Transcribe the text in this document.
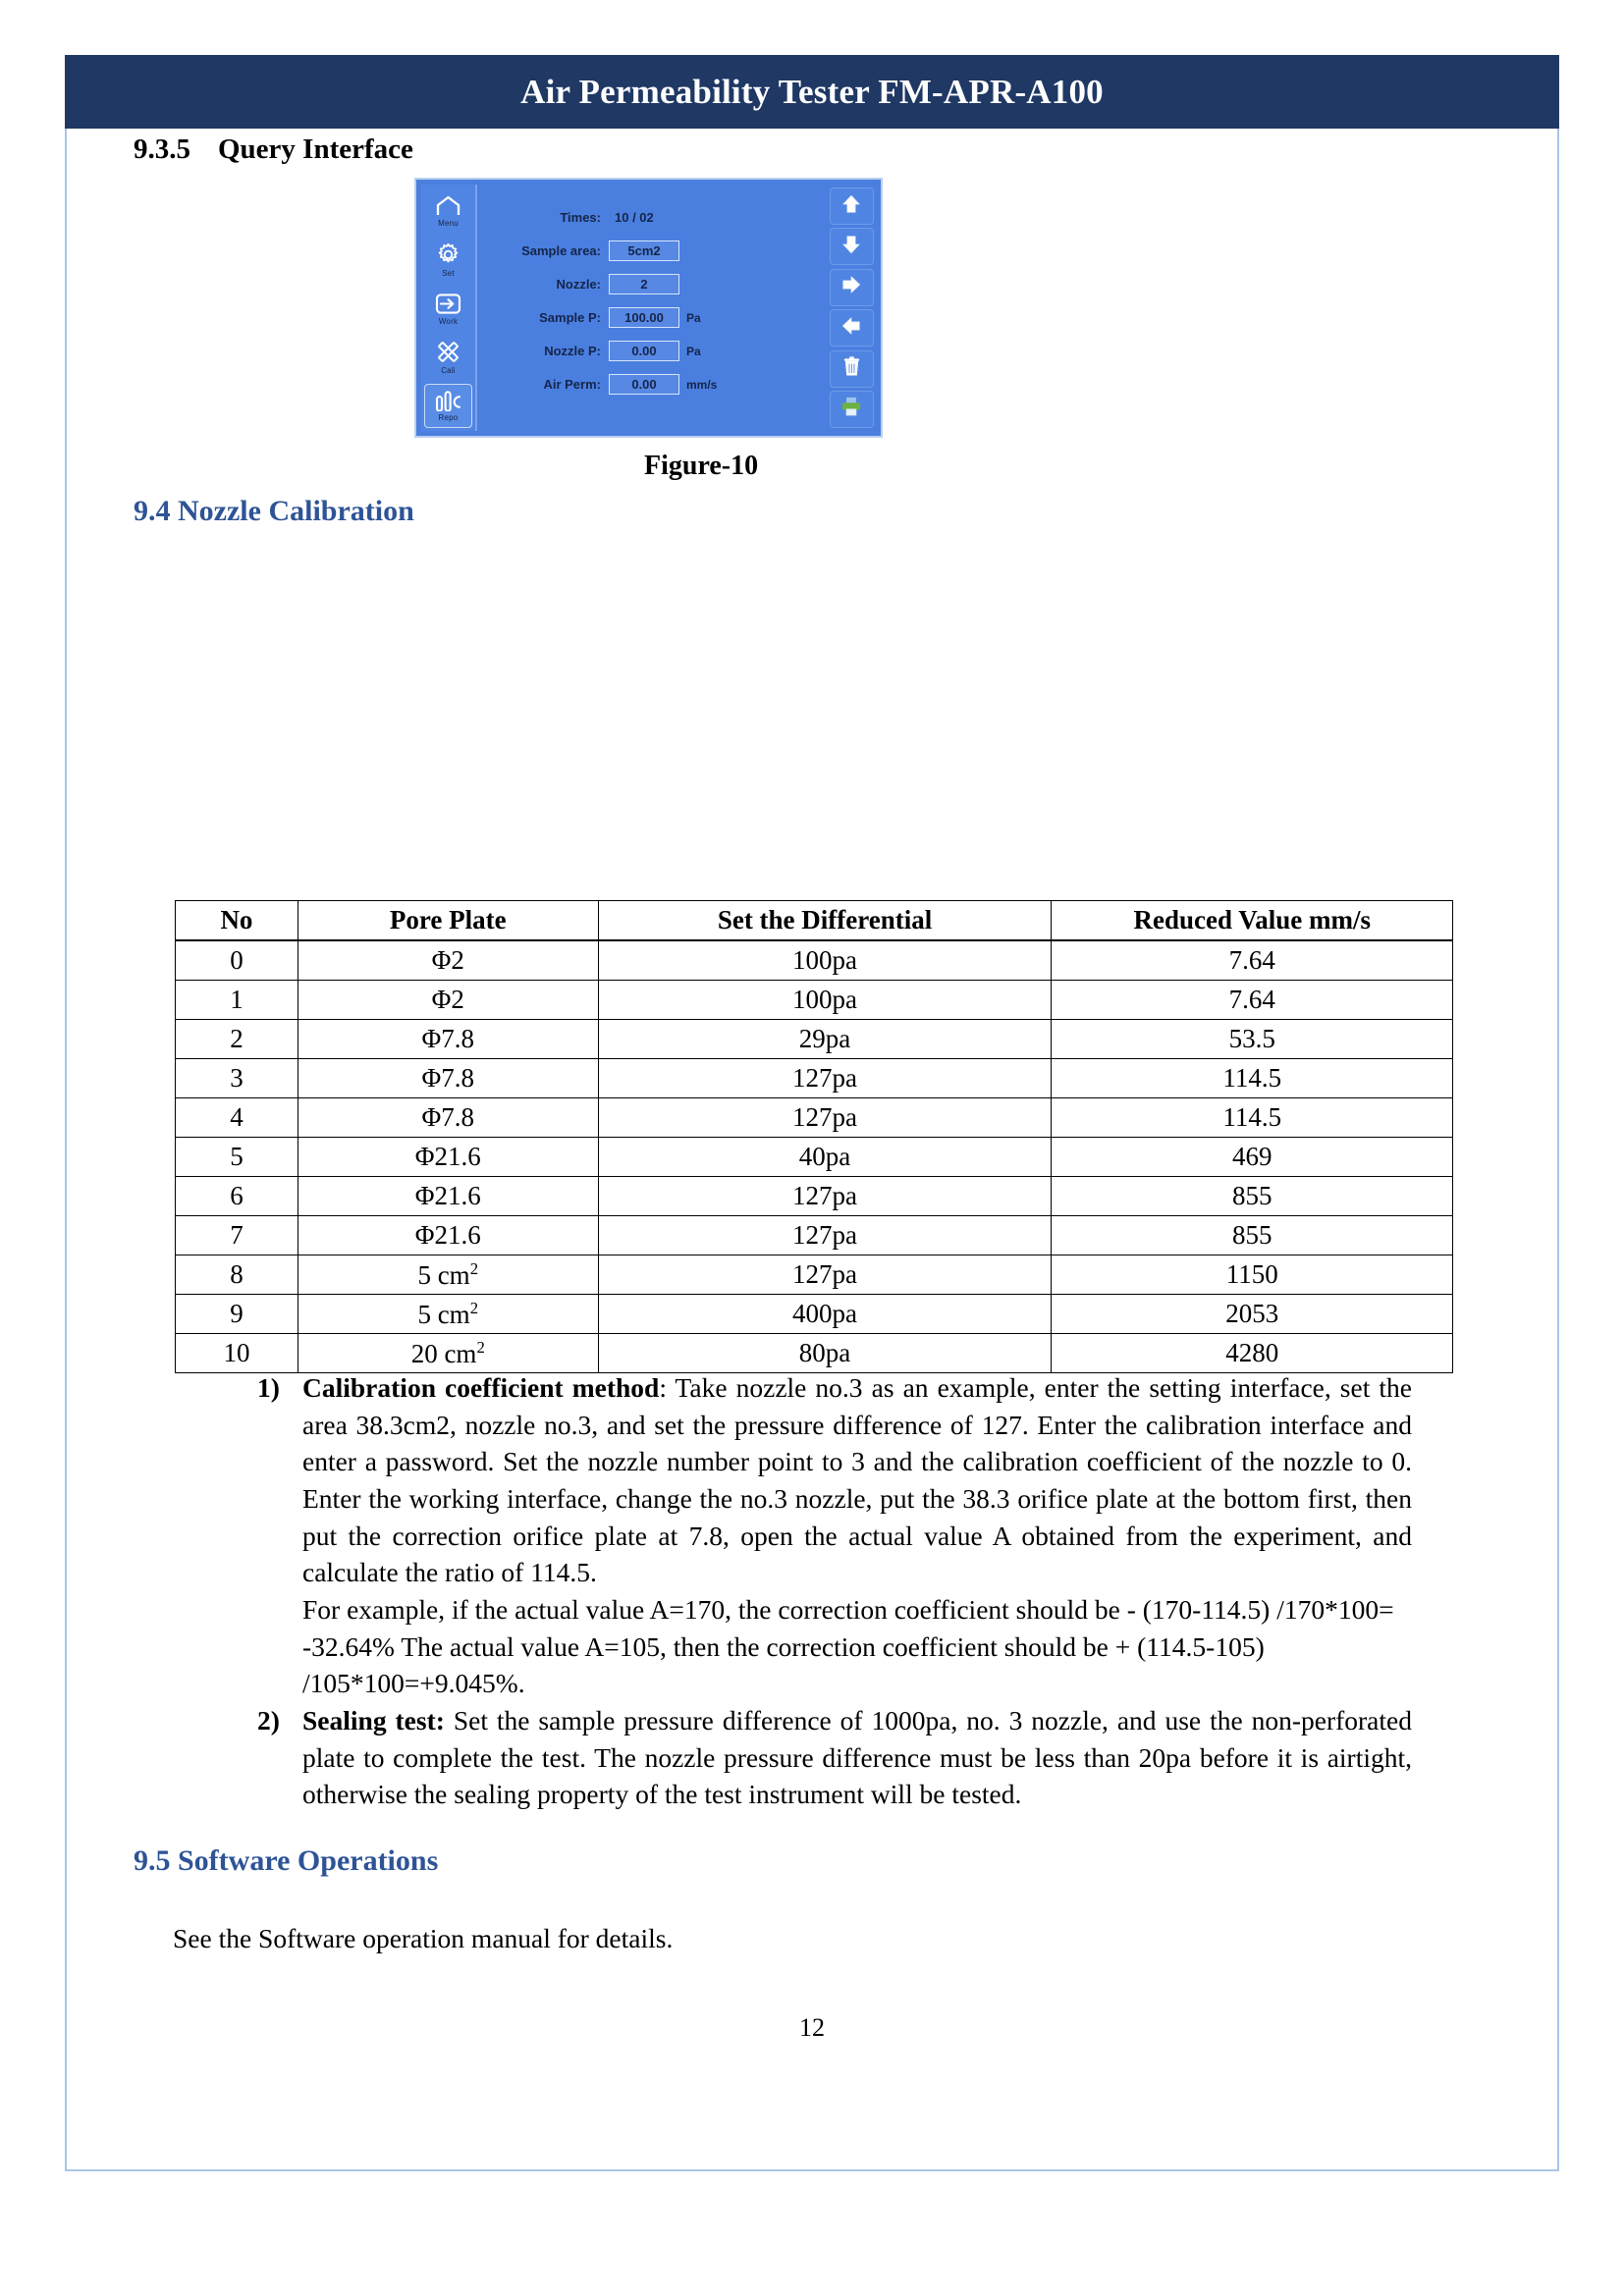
Air Permeability Tester FM-APR-A100
9.3.5 Query Interface
Menu
Set
Work
Cali
Repo
Times:	10 / 02
Sample area:	5cm2
Nozzle:	2
Sample P:	100.00	Pa
Nozzle P:	0.00	Pa
Air Perm:	0.00	mm/s
Figure-10
9.4 Nozzle Calibration
No	Pore Plate	Set the Differential	Reduced Value mm/s
0	Φ2	100pa	7.64
1	Φ2	100pa	7.64
2	Φ7.8	29pa	53.5
3	Φ7.8	127pa	114.5
4	Φ7.8	127pa	114.5
5	Φ21.6	40pa	469
6	Φ21.6	127pa	855
7	Φ21.6	127pa	855
8	5 $cm^2$	127pa	1150
9	5 $cm^2$	400pa	2053
10	20 $cm^2$	80pa	4280
1) Calibration coefficient method: Take nozzle no.3 as an example, enter the setting interface, set the area 38.3cm2, nozzle no.3, and set the pressure difference of 127. Enter the calibration interface and enter a password. Set the nozzle number point to 3 and the calibration coefficient of the nozzle to 0. Enter the working interface, change the no.3 nozzle, put the 38.3 orifice plate at the bottom first, then put the correction orifice plate at 7.8, open the actual value A obtained from the experiment, and calculate the ratio of 114.5.

For example, if the actual value A=170, the correction coefficient should be - (170-114.5) /170*100= -32.64% The actual value A=105, then the correction coefficient should be + (114.5-105) /105*100=+9.045%.

2) Sealing test: Set the sample pressure difference of 1000pa, no. 3 nozzle, and use the non-perforated plate to complete the test. The nozzle pressure difference must be less than 20pa before it is airtight, otherwise the sealing property of the test instrument will be tested.

9.5 Software Operations
See the Software operation manual for details.
12
